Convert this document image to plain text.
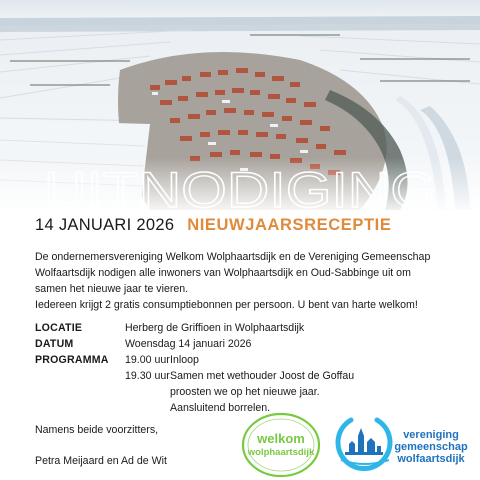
UITNODIGING
14 JANUARI 2026 NIEUWJAARSRECEPTIE

De ondernemersvereniging Welkom Wolphaartsdijk en de Vereniging Gemeenschap

Wolfaartsdijk nodigen alle inwoners van Wolphaartsdijk en Oud-Sabbinge uit om

samen het nieuwe jaar te vieren.

Iedereen krijgt 2 gratis consumptiebonnen per persoon. U bent van harte welkom!

LOCATIE	Herberg de Griffioen in Wolphaartsdijk
DATUM	Woensdag 14 januari 2026
PROGRAMMA	19.00 uur Inloop
19.30 uur Samen met wethouder Joost de Goffau
proosten we op het nieuwe jaar.
Aansluitend borrelen.
Namens beide voorzitters,
Petra Meijaard en Ad de Wit
welkom
wolphaartsdijk
vereniging
gemeenschap
wolfaartsdijk
